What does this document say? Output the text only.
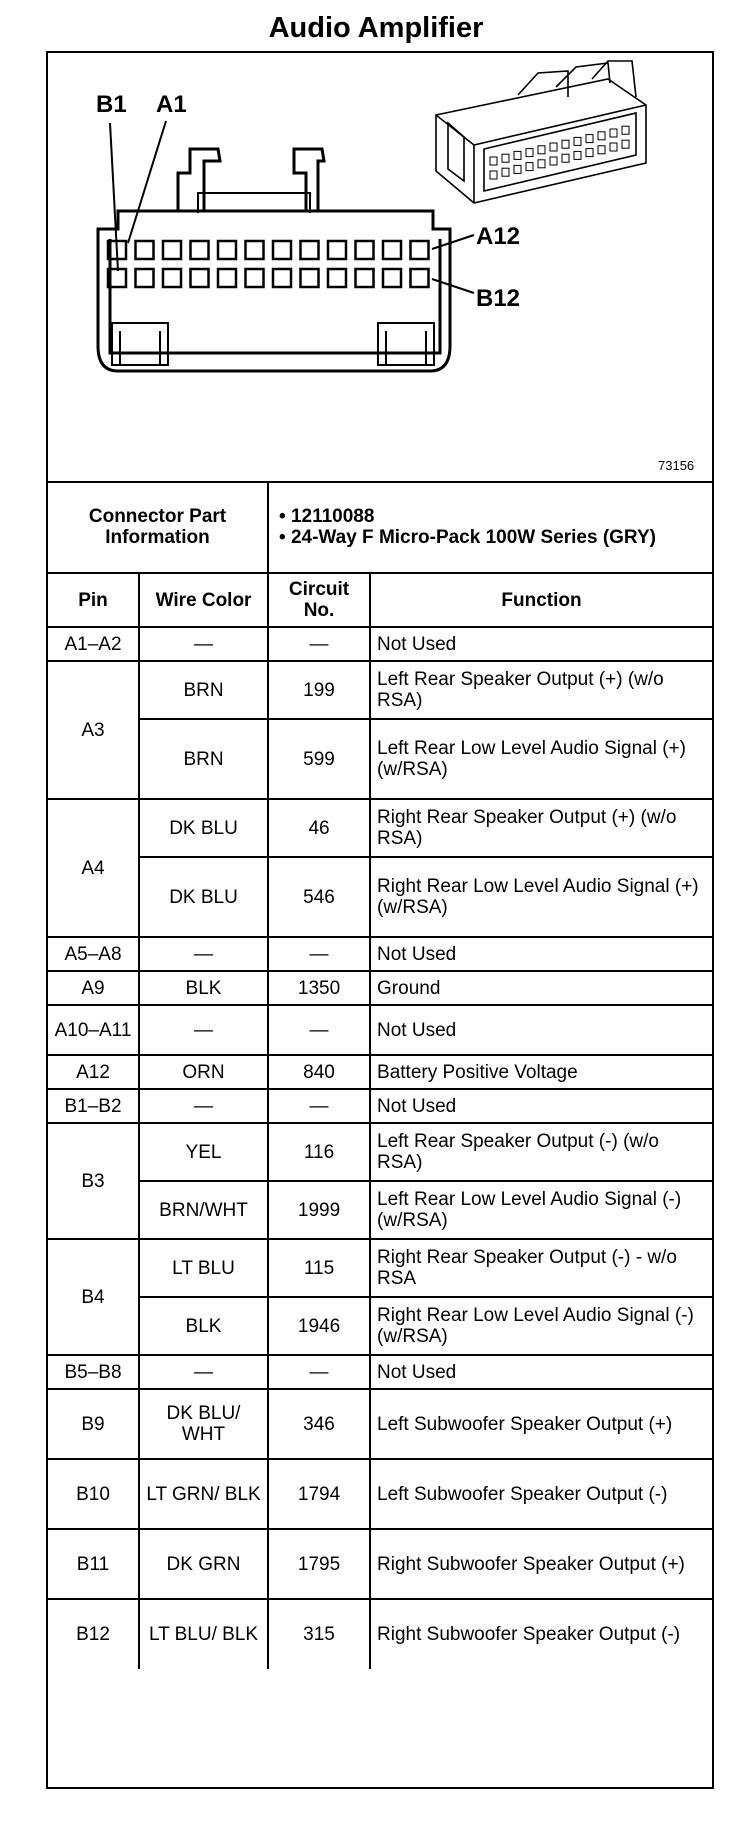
Audio Amplifier
B1 A1
A12
B12
73156
Connector Part Information		• 12110088
• 24-Way F Micro-Pack 100W Series (GRY)	

Pin	Wire Color	Circuit No.	Function
A1–A2	—	—	Not Used
A3	BRN	199	Left Rear Speaker Output (+) (w/o RSA)
	BRN	599	Left Rear Low Level Audio Signal (+) (w/RSA)
A4	DK BLU	46	Right Rear Speaker Output (+) (w/o RSA)
	DK BLU	546	Right Rear Low Level Audio Signal (+) (w/RSA)
A5–A8	—	—	Not Used
A9	BLK	1350	Ground
A10–A11	—	—	Not Used
A12	ORN	840	Battery Positive Voltage
B1–B2	—	—	Not Used
B3	YEL	116	Left Rear Speaker Output (-) (w/o RSA)
	BRN/WHT	1999	Left Rear Low Level Audio Signal (-) (w/RSA)
B4	LT BLU	115	Right Rear Speaker Output (-) - w/o RSA
	BLK	1946	Right Rear Low Level Audio Signal (-) (w/RSA)
B5–B8	—	—	Not Used
B9	DK BLU/ WHT	346	Left Subwoofer Speaker Output (+)
B10	LT GRN/ BLK	1794	Left Subwoofer Speaker Output (-)
B11	DK GRN	1795	Right Subwoofer Speaker Output (+)
B12	LT BLU/ BLK	315	Right Subwoofer Speaker Output (-)
